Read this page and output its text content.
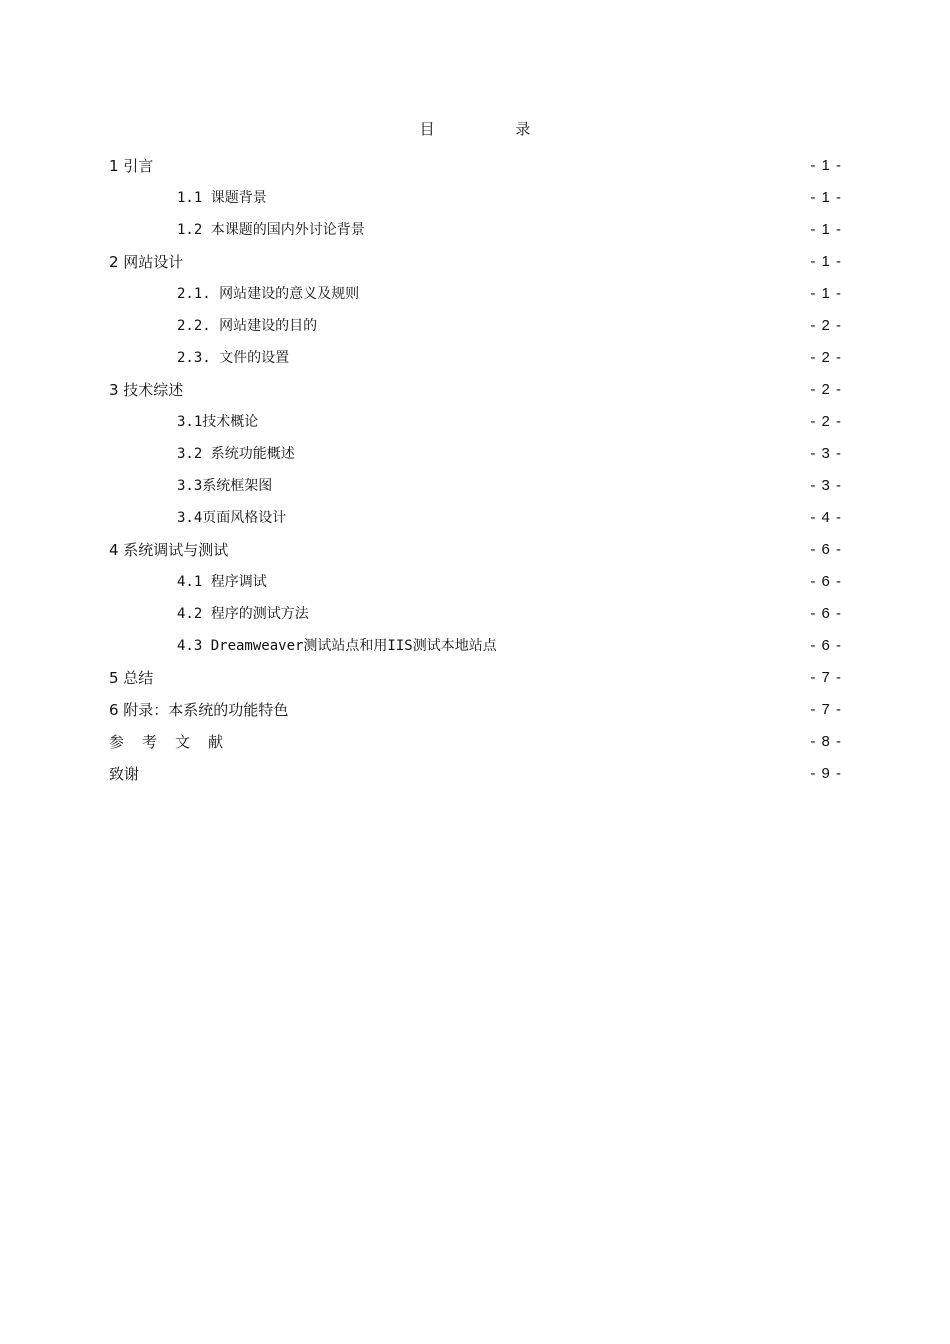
目 录
1 引言	- 1 -
1.1 课题背景	- 1 -
1.2 本课题的国内外讨论背景	- 1 -
2 网站设计	- 1 -
2.1. 网站建设的意义及规则	- 1 -
2.2. 网站建设的目的	- 2 -
2.3. 文件的设置	- 2 -
3 技术综述	- 2 -
3.1技术概论	- 2 -
3.2 系统功能概述	- 3 -
3.3系统框架图	- 3 -
3.4页面风格设计	- 4 -
4 系统调试与测试	- 6 -
4.1 程序调试	- 6 -
4.2 程序的测试方法	- 6 -
4.3 Dreamweaver测试站点和用IIS测试本地站点	- 6 -
5 总结	- 7 -
6 附录：本系统的功能特色	- 7 -
参考文献	- 8 -
致谢	- 9 -
